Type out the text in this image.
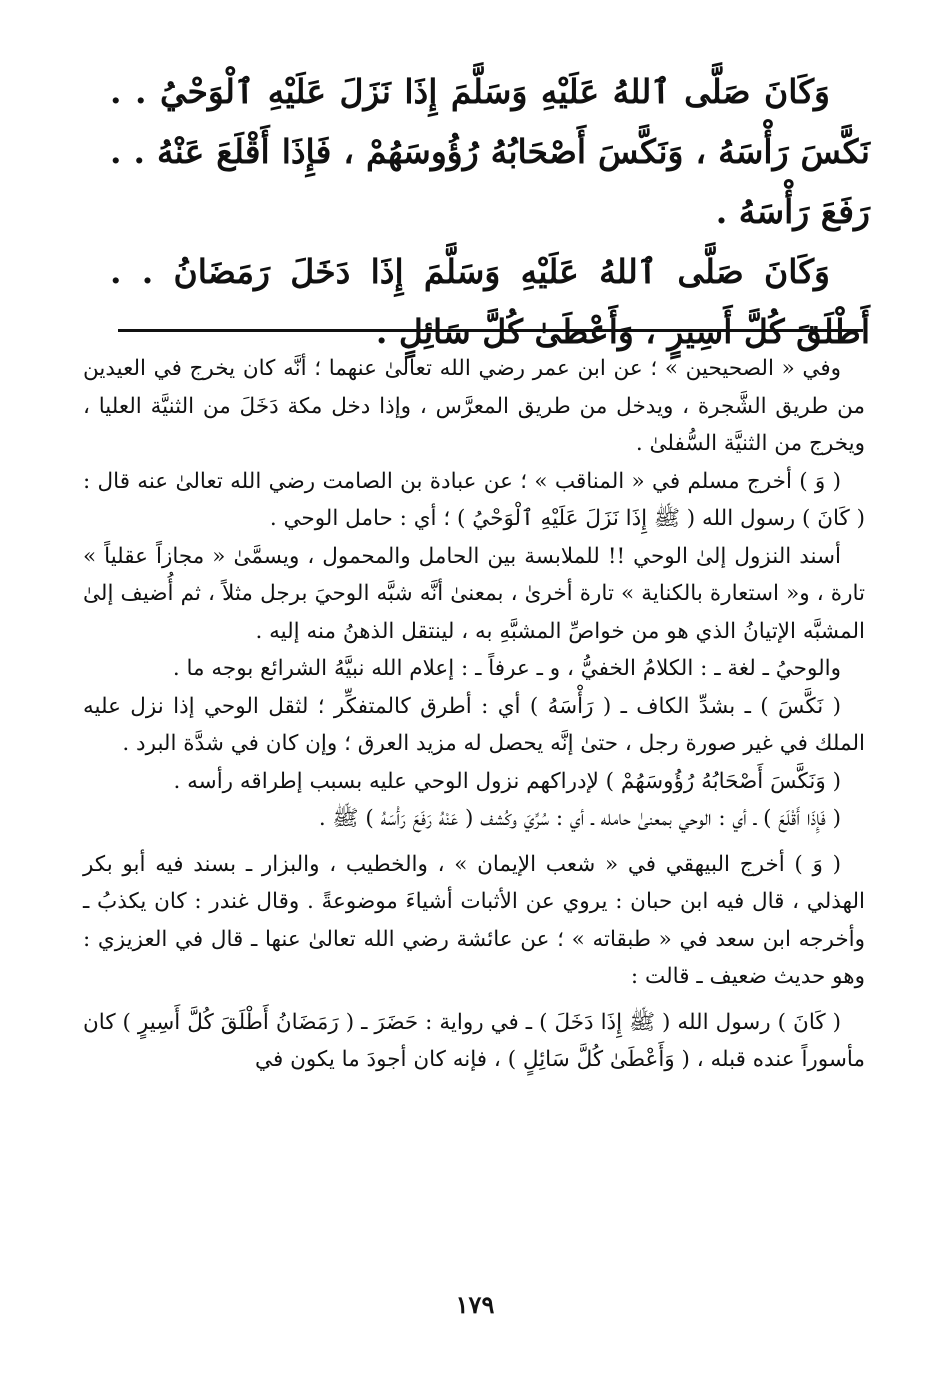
وَكَانَ صَلَّى ٱللهُ عَلَيْهِ وَسَلَّمَ إِذَا نَزَلَ عَلَيْهِ ٱلْوَحْيُ . . نَكَّسَ رَأْسَهُ ، وَنَكَّسَ أَصْحَابُهُ رُؤُوسَهُمْ ، فَإِذَا أَقْلَعَ عَنْهُ . . رَفَعَ رَأْسَهُ .

وَكَانَ صَلَّى ٱللهُ عَلَيْهِ وَسَلَّمَ إِذَا دَخَلَ رَمَضَانُ . . أَطْلَقَ كُلَّ أَسِيرٍ ، وَأَعْطَىٰ كُلَّ سَائِلٍ .

وفي « الصحيحين » ؛ عن ابن عمر رضي الله تعالىٰ عنهما ؛ أنَّه كان يخرج في العيدين من طريق الشَّجرة ، ويدخل من طريق المعرَّس ، وإذا دخل مكة دَخَلَ من الثنيَّة العليا ، ويخرج من الثنيَّة السُّفلىٰ .

( وَ ) أخرج مسلم في « المناقب » ؛ عن عبادة بن الصامت رضي الله تعالىٰ عنه قال : ( كَانَ ) رسول الله ( ﷺ إِذَا نَزَلَ عَلَيْهِ ٱلْوَحْيُ ) ؛ أي : حامل الوحي .

أسند النزول إلىٰ الوحي !! للملابسة بين الحامل والمحمول ، ويسمَّىٰ « مجازاً عقلياً » تارة ، و« استعارة بالكناية » تارة أخرىٰ ، بمعنىٰ أنَّه شبَّه الوحيَ برجل مثلاً ، ثم أُضيف إلىٰ المشبَّه الإتيانُ الذي هو من خواصِّ المشبَّهِ به ، لينتقل الذهنُ منه إليه .

والوحيُ ـ لغة ـ : الكلامُ الخفيُّ ، و ـ عرفاً ـ : إعلام الله نبيَّهُ الشرائع بوجه ما .

( نَكَّسَ ) ـ بشدِّ الكاف ـ ( رَأْسَهُ ) أي : أطرق كالمتفكِّر ؛ لثقل الوحي إذا نزل عليه الملك في غير صورة رجل ، حتىٰ إنَّه يحصل له مزيد العرق ؛ وإن كان في شدَّة البرد .

( وَنَكَّسَ أَصْحَابُهُ رُؤُوسَهُمْ ) لإدراكهم نزول الوحي عليه بسبب إطراقه رأسه .

( فَإِذَا أَقْلَعَ ) ـ أي : الوحي بمعنىٰ حامله ـ أي : سُرِّيَ وكُشف ( عَنْهُ رَفَعَ رَأْسَهُ ) ﷺ .

( وَ ) أخرج البيهقي في « شعب الإيمان » ، والخطيب ، والبزار ـ بسند فيه أبو بكر الهذلي ، قال فيه ابن حبان : يروي عن الأثبات أشياءَ موضوعةً . وقال غندر : كان يكذبُ ـ وأخرجه ابن سعد في « طبقاته » ؛ عن عائشة رضي الله تعالىٰ عنها ـ قال في العزيزي : وهو حديث ضعيف ـ قالت :

( كَانَ ) رسول الله ( ﷺ إِذَا دَخَلَ ) ـ في رواية : حَضَرَ ـ ( رَمَضَانُ أَطْلَقَ كُلَّ أَسِيرٍ ) كان مأسوراً عنده قبله ، ( وَأَعْطَىٰ كُلَّ سَائِلٍ ) ، فإنه كان أجودَ ما يكون في

١٧٩
